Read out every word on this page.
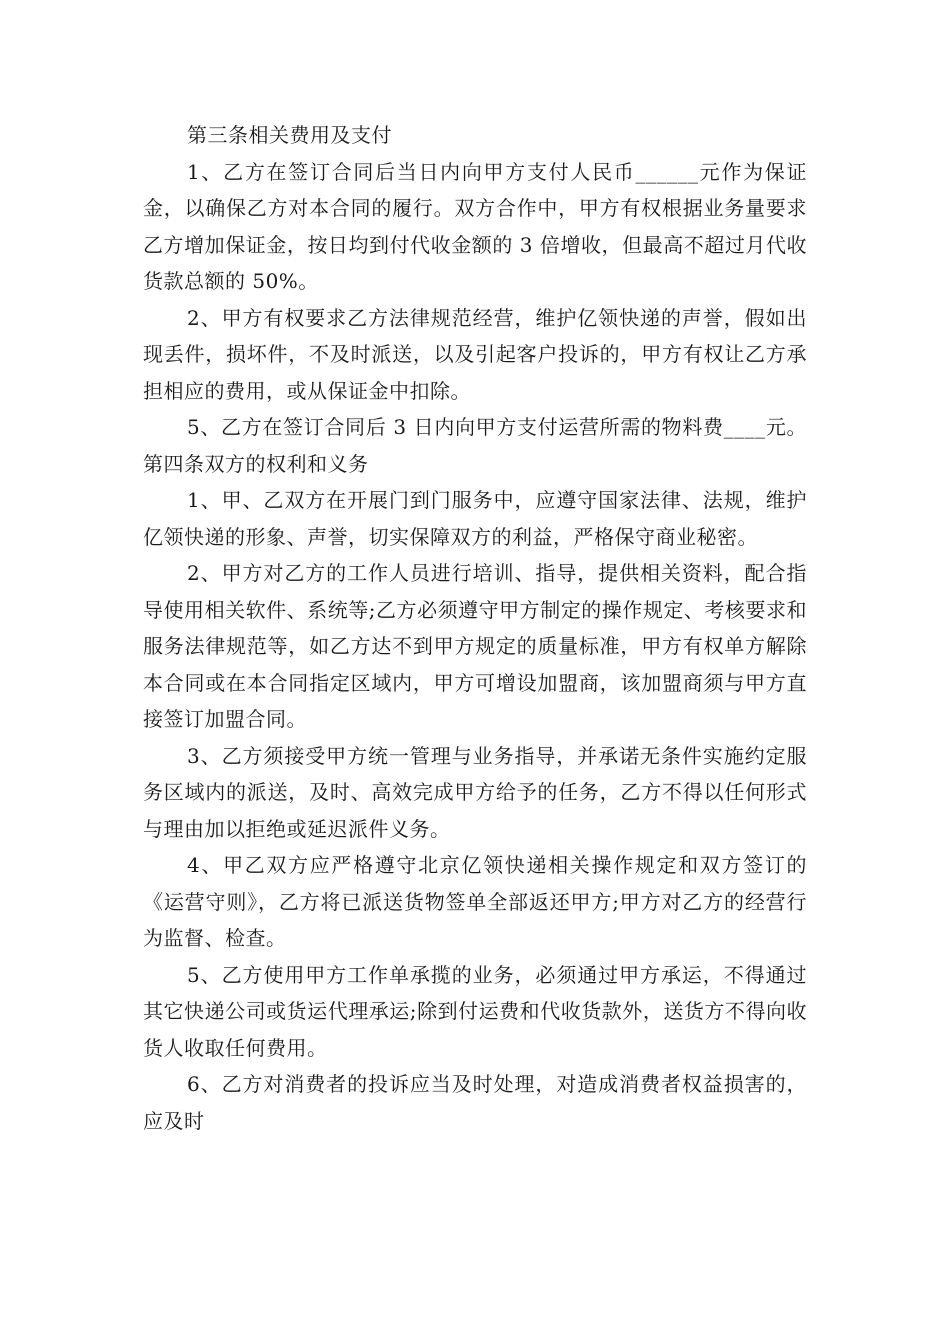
第三条相关费用及支付

1、乙方在签订合同后当日内向甲方支付人民币______元作为保证金，以确保乙方对本合同的履行。双方合作中，甲方有权根据业务量要求乙方增加保证金，按日均到付代收金额的 3 倍增收，但最高不超过月代收货款总额的 50%。

2、甲方有权要求乙方法律规范经营，维护亿领快递的声誉，假如出现丢件，损坏件，不及时派送，以及引起客户投诉的，甲方有权让乙方承担相应的费用，或从保证金中扣除。

5、乙方在签订合同后 3 日内向甲方支付运营所需的物料费____元。第四条双方的权利和义务

1、甲、乙双方在开展门到门服务中，应遵守国家法律、法规，维护亿领快递的形象、声誉，切实保障双方的利益，严格保守商业秘密。

2、甲方对乙方的工作人员进行培训、指导，提供相关资料，配合指导使用相关软件、系统等;乙方必须遵守甲方制定的操作规定、考核要求和服务法律规范等，如乙方达不到甲方规定的质量标准，甲方有权单方解除本合同或在本合同指定区域内，甲方可增设加盟商，该加盟商须与甲方直接签订加盟合同。

3、乙方须接受甲方统一管理与业务指导，并承诺无条件实施约定服务区域内的派送，及时、高效完成甲方给予的任务，乙方不得以任何形式与理由加以拒绝或延迟派件义务。

4、甲乙双方应严格遵守北京亿领快递相关操作规定和双方签订的《运营守则》，乙方将已派送货物签单全部返还甲方;甲方对乙方的经营行为监督、检查。

5、乙方使用甲方工作单承揽的业务，必须通过甲方承运，不得通过其它快递公司或货运代理承运;除到付运费和代收货款外，送货方不得向收货人收取任何费用。

6、乙方对消费者的投诉应当及时处理，对造成消费者权益损害的，应及时
